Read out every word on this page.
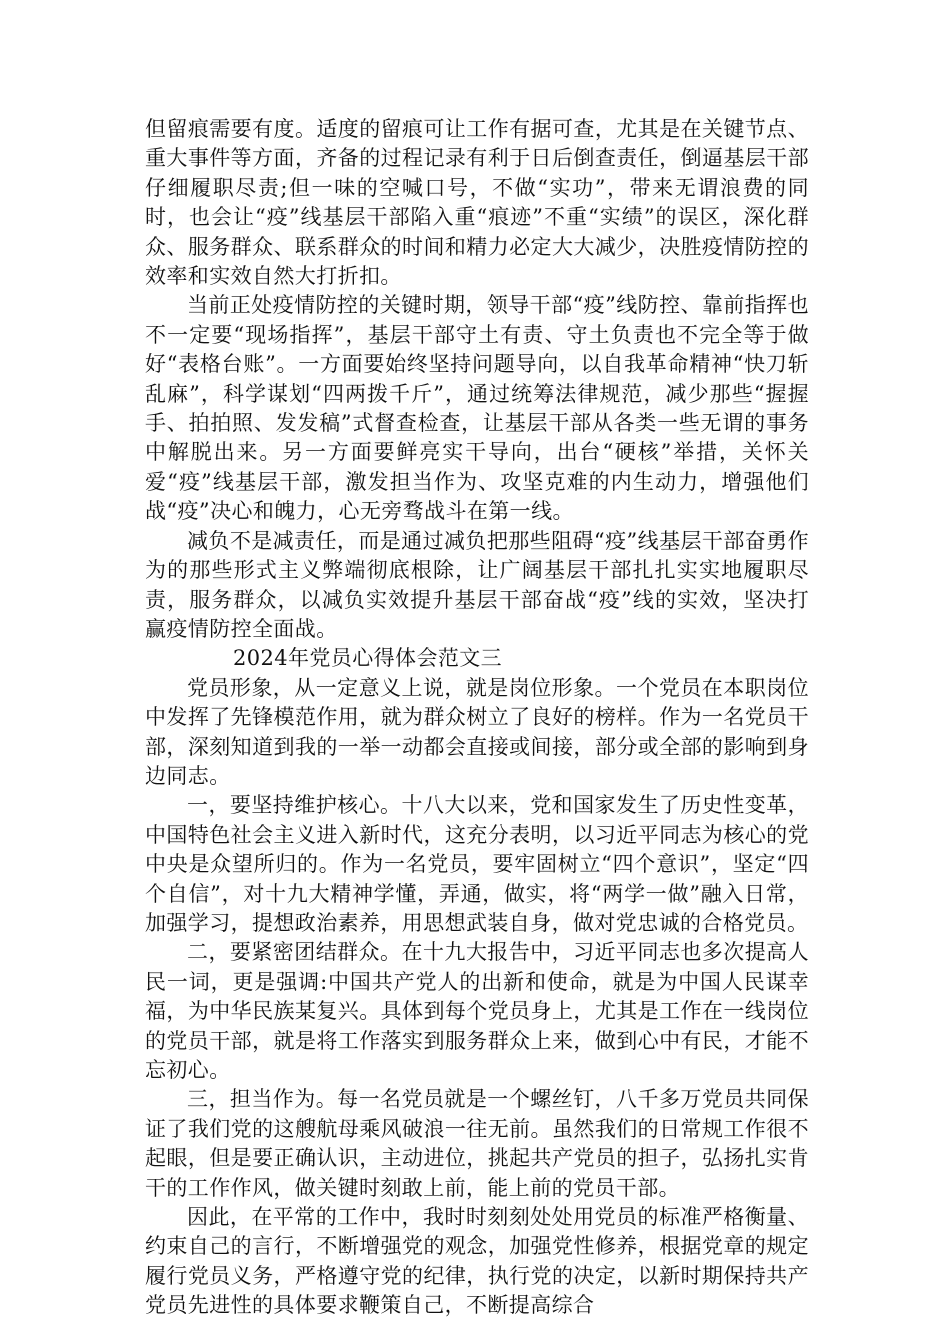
但留痕需要有度。适度的留痕可让工作有据可查，尤其是在关键节点、重大事件等方面，齐备的过程记录有利于日后倒查责任，倒逼基层干部仔细履职尽责;但一味的空喊口号，不做“实功”，带来无谓浪费的同时，也会让“疫”线基层干部陷入重“痕迹”不重“实绩”的误区，深化群众、服务群众、联系群众的时间和精力必定大大减少，决胜疫情防控的效率和实效自然大打折扣。

当前正处疫情防控的关键时期，领导干部“疫”线防控、靠前指挥也不一定要“现场指挥”，基层干部守土有责、守土负责也不完全等于做好“表格台账”。一方面要始终坚持问题导向，以自我革命精神“快刀斩乱麻”，科学谋划“四两拨千斤”，通过统筹法律规范，减少那些“握握手、拍拍照、发发稿”式督查检查，让基层干部从各类一些无谓的事务中解脱出来。另一方面要鲜亮实干导向，出台“硬核”举措，关怀关爱“疫”线基层干部，激发担当作为、攻坚克难的内生动力，增强他们战“疫”决心和魄力，心无旁骛战斗在第一线。

减负不是减责任，而是通过减负把那些阻碍“疫”线基层干部奋勇作为的那些形式主义弊端彻底根除，让广阔基层干部扎扎实实地履职尽责，服务群众，以减负实效提升基层干部奋战“疫”线的实效，坚决打赢疫情防控全面战。

2024年党员心得体会范文三

党员形象，从一定意义上说，就是岗位形象。一个党员在本职岗位中发挥了先锋模范作用，就为群众树立了良好的榜样。作为一名党员干部，深刻知道到我的一举一动都会直接或间接，部分或全部的影响到身边同志。

一，要坚持维护核心。十八大以来，党和国家发生了历史性变革，中国特色社会主义进入新时代，这充分表明，以习近平同志为核心的党中央是众望所归的。作为一名党员，要牢固树立“四个意识”，坚定“四个自信”，对十九大精神学懂，弄通，做实，将“两学一做”融入日常，加强学习，提想政治素养，用思想武装自身，做对党忠诚的合格党员。

二，要紧密团结群众。在十九大报告中，习近平同志也多次提高人民一词，更是强调:中国共产党人的出新和使命，就是为中国人民谋幸福，为中华民族某复兴。具体到每个党员身上，尤其是工作在一线岗位的党员干部，就是将工作落实到服务群众上来，做到心中有民，才能不忘初心。

三，担当作为。每一名党员就是一个螺丝钉，八千多万党员共同保证了我们党的这艘航母乘风破浪一往无前。虽然我们的日常规工作很不起眼，但是要正确认识，主动进位，挑起共产党员的担子，弘扬扎实肯干的工作作风，做关键时刻敢上前，能上前的党员干部。

因此，在平常的工作中，我时时刻刻处处用党员的标准严格衡量、约束自己的言行，不断增强党的观念，加强党性修养，根据党章的规定履行党员义务，严格遵守党的纪律，执行党的决定，以新时期保持共产党员先进性的具体要求鞭策自己，不断提高综合
